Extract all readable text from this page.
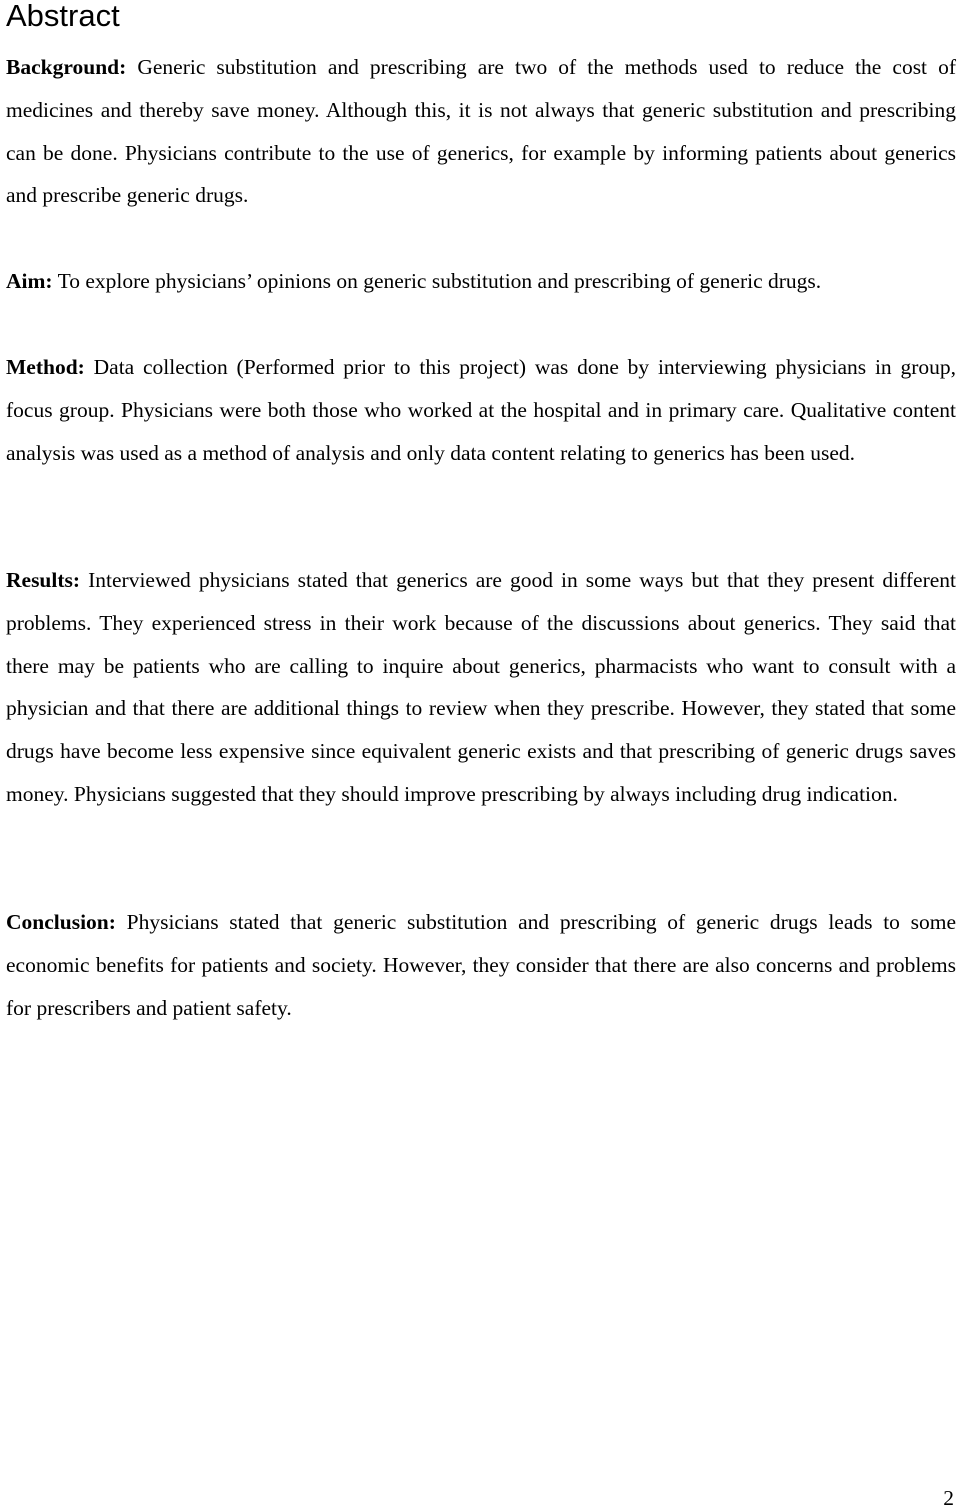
Abstract

Background: Generic substitution and prescribing are two of the methods used to reduce the cost of medicines and thereby save money. Although this, it is not always that generic substitution and prescribing can be done. Physicians contribute to the use of generics, for example by informing patients about generics and prescribe generic drugs.

Aim: To explore physicians’ opinions on generic substitution and prescribing of generic drugs.

Method: Data collection (Performed prior to this project) was done by interviewing physicians in group, focus group. Physicians were both those who worked at the hospital and in primary care. Qualitative content analysis was used as a method of analysis and only data content relating to generics has been used.

Results: Interviewed physicians stated that generics are good in some ways but that they present different problems. They experienced stress in their work because of the discussions about generics. They said that there may be patients who are calling to inquire about generics, pharmacists who want to consult with a physician and that there are additional things to review when they prescribe. However, they stated that some drugs have become less expensive since equivalent generic exists and that prescribing of generic drugs saves money. Physicians suggested that they should improve prescribing by always including drug indication.

Conclusion: Physicians stated that generic substitution and prescribing of generic drugs leads to some economic benefits for patients and society. However, they consider that there are also concerns and problems for prescribers and patient safety.

2
